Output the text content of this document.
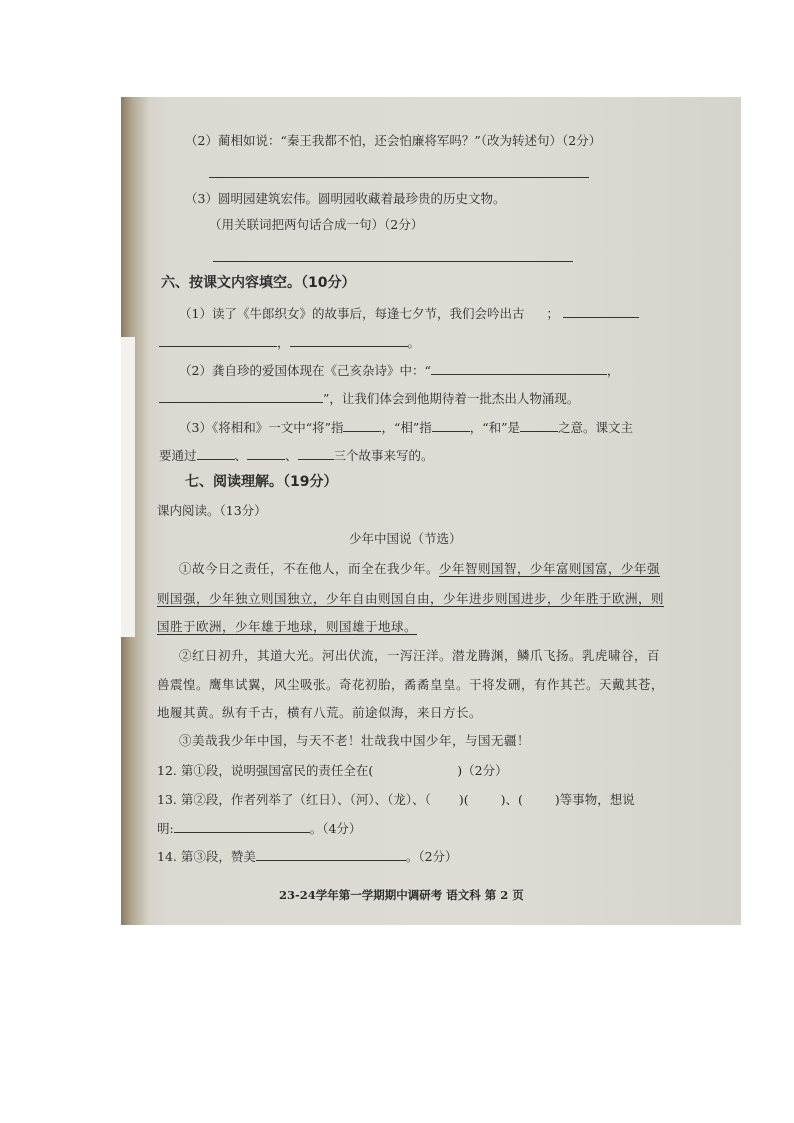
（2）蔺相如说：“秦王我都不怕，还会怕廉将军吗？”（改为转述句）（2分）
（3）圆明园建筑宏伟。圆明园收藏着最珍贵的历史文物。
（用关联词把两句话合成一句）（2分）
六、按课文内容填空。（10分）
（1）读了《牛郎织女》的故事后，每逢七夕节，我们会吟出古 ；
，	。
（2）龚自珍的爱国体现在《己亥杂诗》中：“	，
”，让我们体会到他期待着一批杰出人物涌现。
（3）《将相和》一文中“将”指	，“相”指	，“和”是	之意。课文主
要通过	、	、	三个故事来写的。
七、阅读理解。（19分）
课内阅读。（13分）
少年中国说（节选）
①故今日之责任，不在他人，而全在我少年。少年智则国智，少年富则国富，少年强
则国强，少年独立则国独立，少年自由则国自由，少年进步则国进步，少年胜于欧洲，则
国胜于欧洲，少年雄于地球，则国雄于地球。
②红日初升，其道大光。河出伏流，一泻汪洋。潜龙腾渊，鳞爪飞扬。乳虎啸谷，百
兽震惶。鹰隼试翼，风尘吸张。奇花初胎，矞矞皇皇。干将发硎，有作其芒。天戴其苍，
地履其黄。纵有千古，横有八荒。前途似海，来日方长。
③美哉我少年中国，与天不老！壮哉我中国少年，与国无疆！
12. 第①段，说明强国富民的责任全在(	)（2分）
13. 第②段，作者列举了（红日）、（河）、（龙）、（ )(	)、(	)等事物，想说
明:	。（4分）
14. 第③段，赞美	。（2分）
23-24学年第一学期期中调研考 语文科 第 2 页
